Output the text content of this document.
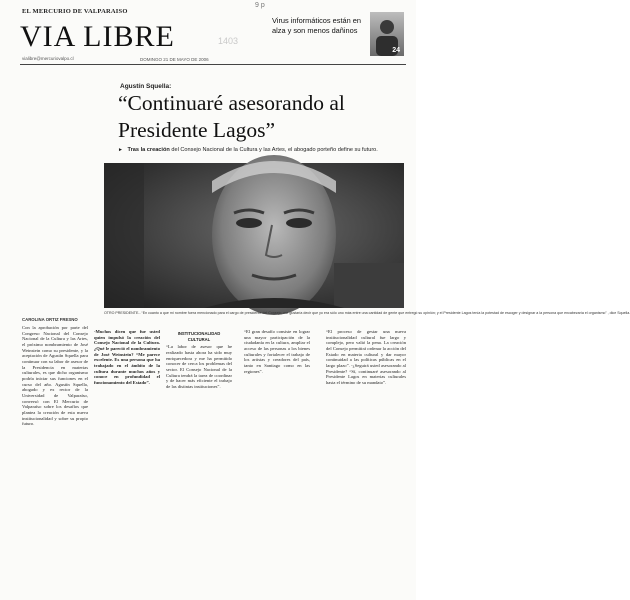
EL MERCURIO DE VALPARAISO
VIA LIBRE
vialibre@mercuriovalpo.cl	DOMINGO 21 DE MAYO DE 2006
1403
9 p
Virus informáticos están en alza y son menos dañinos
24
Agustín Squella:
“Continuaré asesorando al Presidente Lagos”
► Tras la creación del Consejo Nacional de la Cultura y las Artes, el abogado porteño define su futuro.
OTRO PRESIDENTE.- “En cuanto a que mi nombre fuera mencionado para el cargo de presidente del Consejo, me gustaría decir que yo era sólo uno más entre una cantidad de gente que entregó su opinión; y el Presidente Lagos tenía la potestad de escoger y designar a la persona que encabezaría el organismo” , dice Squella.
CAROLINA ORTIZ FRESNO

Con la aprobación por parte del Congreso Nacional del Consejo Nacional de la Cultura y las Artes, el próximo nombramiento de José Weinstein como su presidente, y la aceptación de Agustín Squella para continuar con su labor de asesor de la Presidencia en materias culturales, es que dicho organismo podría iniciar sus funciones en el curso del año. Agustín Squella, abogado y ex rector de la Universidad de Valparaíso, conversó con El Mercurio de Valparaíso sobre los desafíos que plantea la creación de esta nueva institucionalidad y sobre su propio futuro.

-Muchos dicen que fue usted quien impulsó la creación del Consejo Nacional de la Cultura. ¿Qué le pareció el nombramiento de José Weinstein? “Me parece excelente. Es una persona que ha trabajado en el ámbito de la cultura durante muchos años y conoce en profundidad el funcionamiento del Estado”.

INSTITUCIONALIDAD CULTURAL

“La labor de asesor que he realizado hasta ahora ha sido muy enriquecedora y me ha permitido conocer de cerca los problemas del sector. El Consejo Nacional de la Cultura tendrá la tarea de coordinar y de hacer más eficiente el trabajo de las distintas instituciones”.

“El gran desafío consiste en lograr una mayor participación de la ciudadanía en la cultura, ampliar el acceso de las personas a los bienes culturales y fortalecer el trabajo de los artistas y creadores del país, tanto en Santiago como en las regiones”.

“El proceso de gestar una nueva institucionalidad cultural fue largo y complejo, pero valió la pena. La creación del Consejo permitirá ordenar la acción del Estado en materia cultural y dar mayor continuidad a las políticas públicas en el largo plazo”. -¿Seguirá usted asesorando al Presidente? “Sí, continuaré asesorando al Presidente Lagos en materias culturales hasta el término de su mandato”.
